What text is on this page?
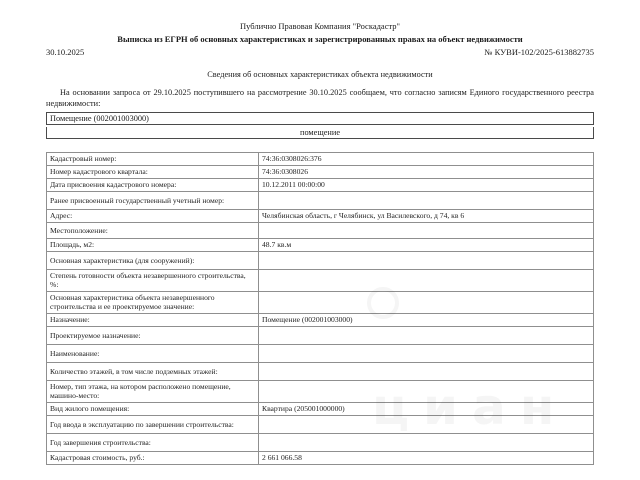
циан
Публично Правовая Компания "Роскадастр"
Выписка из ЕГРН об основных характеристиках и зарегистрированных правах на объект недвижимости
30.10.2025	№ КУВИ-102/2025-613882735
Сведения об основных характеристиках объекта недвижимости
На основании запроса от 29.10.2025 поступившего на рассмотрение 30.10.2025 сообщаем, что согласно записям Единого государственного реестра недвижимости:
Помещение (002001003000)
помещение
Кадастровый номер:	74:36:0308026:376
Номер кадастрового квартала:	74:36:0308026
Дата присвоения кадастрового номера:	10.12.2011 00:00:00
Ранее присвоенный государственный учетный номер:	
Адрес:	Челябинская область, г Челябинск, ул Василевского, д 74, кв 6
Местоположение:	
Площадь, м2:	48.7 кв.м
Основная характеристика (для сооружений):	
Степень готовности объекта незавершенного строительства, %:	
Основная характеристика объекта незавершенного строительства и ее проектируемое значение:	
Назначение:	Помещение (002001003000)
Проектируемое назначение:	
Наименование:	
Количество этажей, в том числе подземных этажей:	
Номер, тип этажа, на котором расположено помещение, машино-место:	
Вид жилого помещения:	Квартира (205001000000)
Год ввода в эксплуатацию по завершении строительства:	
Год завершения строительства:	
Кадастровая стоимость, руб.:	2 661 066.58
